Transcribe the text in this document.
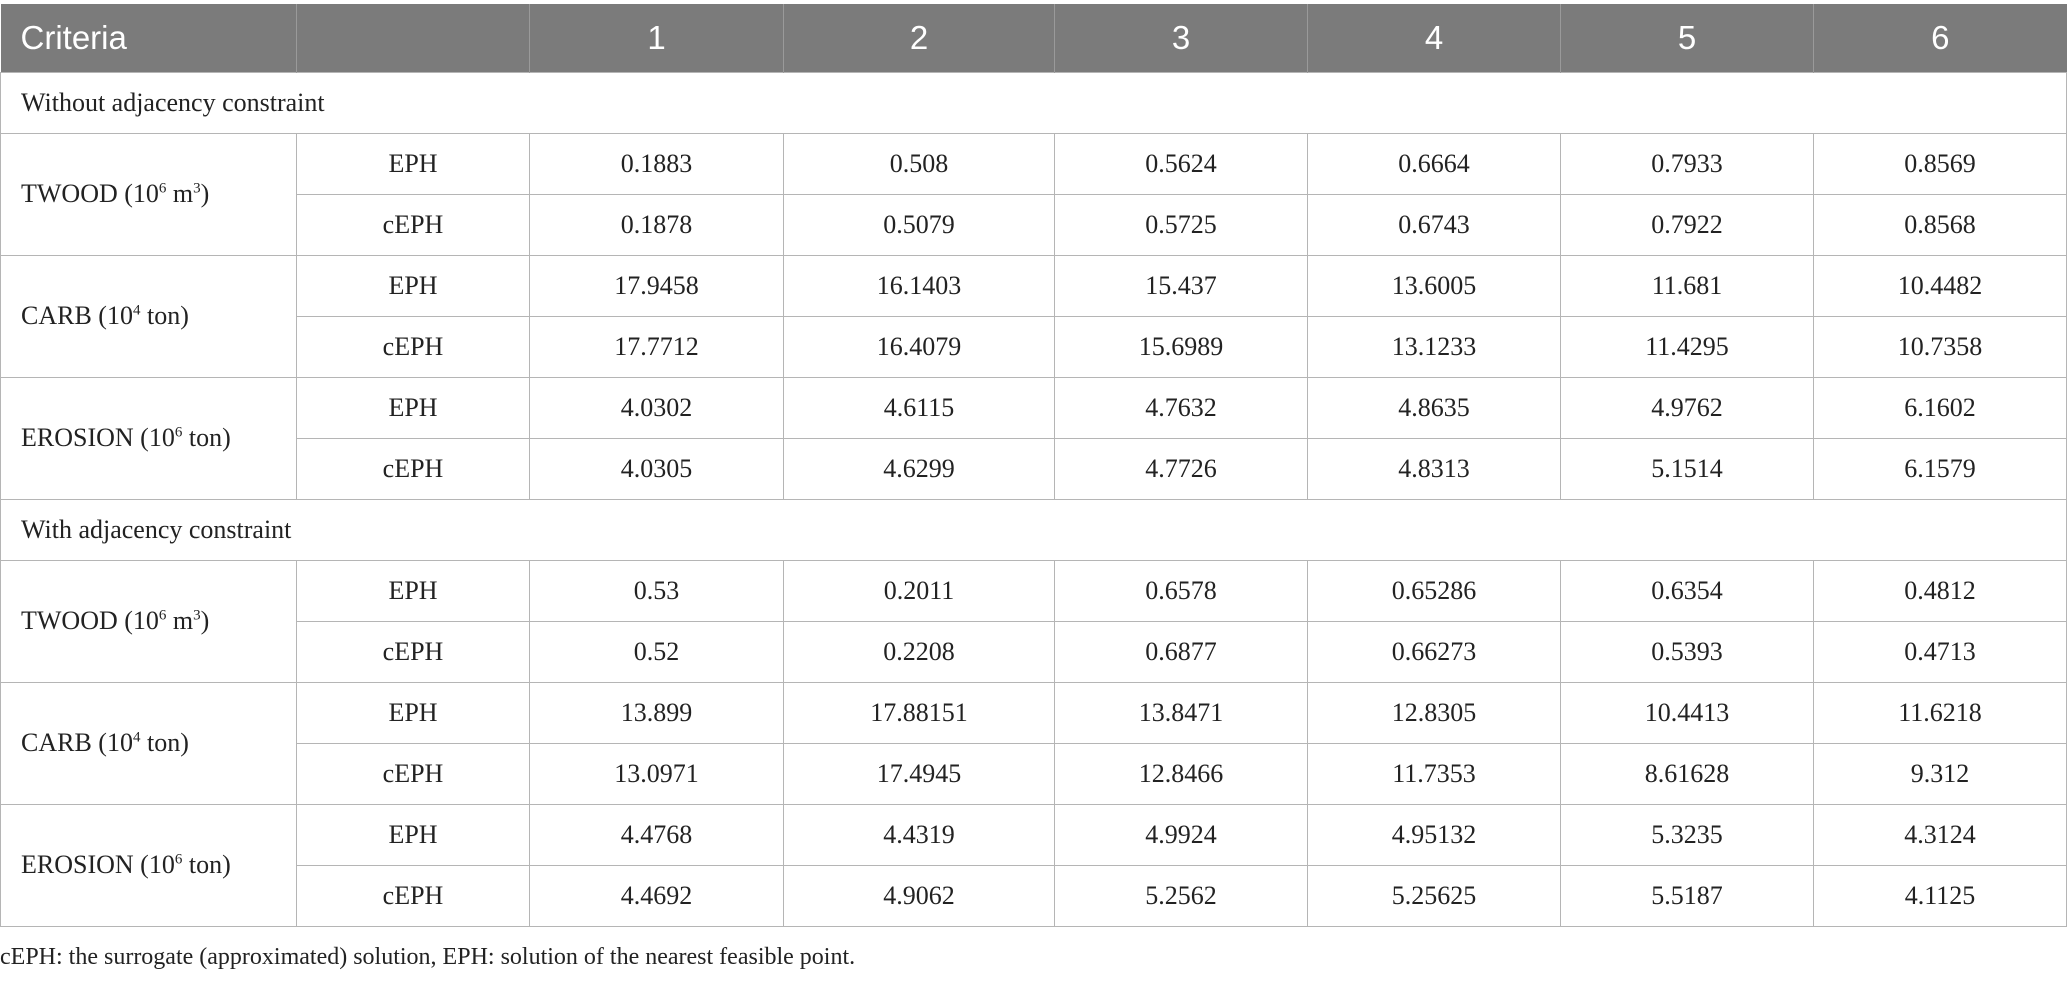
Criteria		1	2	3	4	5	6
Without adjacency constraint							
TWOOD ($10^6$ $m^3$)	EPH	0.1883	0.508	0.5624	0.6664	0.7933	0.8569
	cEPH	0.1878	0.5079	0.5725	0.6743	0.7922	0.8568
CARB ($10^4$ ton)	EPH	17.9458	16.1403	15.437	13.6005	11.681	10.4482
	cEPH	17.7712	16.4079	15.6989	13.1233	11.4295	10.7358
EROSION ($10^6$ ton)	EPH	4.0302	4.6115	4.7632	4.8635	4.9762	6.1602
	cEPH	4.0305	4.6299	4.7726	4.8313	5.1514	6.1579
With adjacency constraint							
TWOOD ($10^6$ $m^3$)	EPH	0.53	0.2011	0.6578	0.65286	0.6354	0.4812
	cEPH	0.52	0.2208	0.6877	0.66273	0.5393	0.4713
CARB ($10^4$ ton)	EPH	13.899	17.88151	13.8471	12.8305	10.4413	11.6218
	cEPH	13.0971	17.4945	12.8466	11.7353	8.61628	9.312
EROSION ($10^6$ ton)	EPH	4.4768	4.4319	4.9924	4.95132	5.3235	4.3124
	cEPH	4.4692	4.9062	5.2562	5.25625	5.5187	4.1125
cEPH: the surrogate (approximated) solution, EPH: solution of the nearest feasible point.
